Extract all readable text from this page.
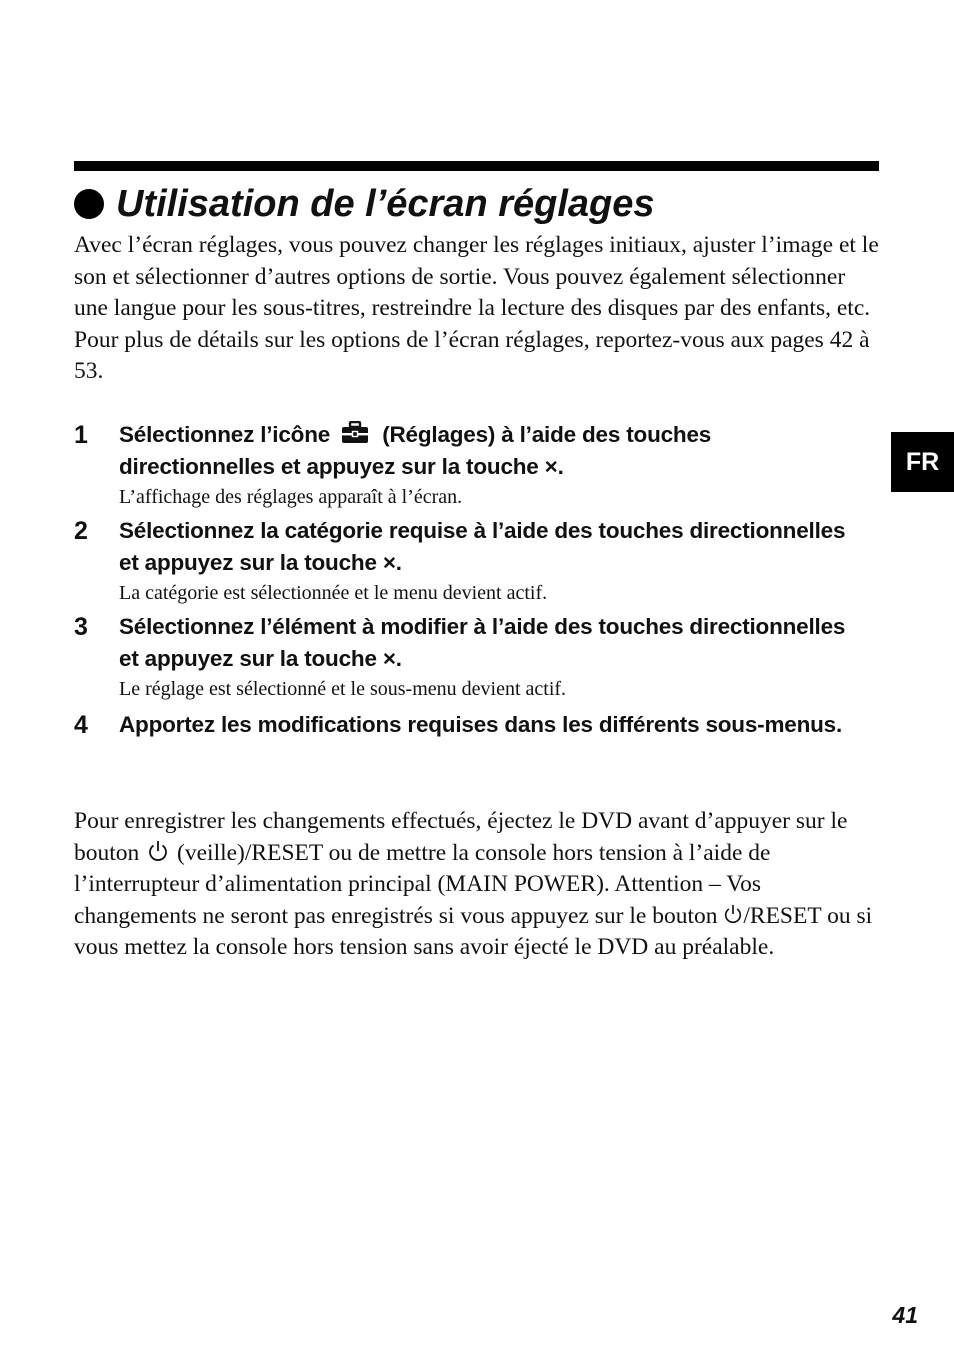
Utilisation de l’écran réglages
Avec l’écran réglages, vous pouvez changer les réglages initiaux, ajuster l’image et le son et sélectionner d’autres options de sortie. Vous pouvez également sélectionner une langue pour les sous-titres, restreindre la lecture des disques par des enfants, etc. Pour plus de détails sur les options de l’écran réglages, reportez-vous aux pages 42 à 53.
1 Sélectionnez l’icône (Réglages) à l’aide des touches directionnelles et appuyez sur la touche ×.
L’affichage des réglages apparaît à l’écran.
2 Sélectionnez la catégorie requise à l’aide des touches directionnelles et appuyez sur la touche ×.
La catégorie est sélectionnée et le menu devient actif.
3 Sélectionnez l’élément à modifier à l’aide des touches directionnelles et appuyez sur la touche ×.
Le réglage est sélectionné et le sous-menu devient actif.
4 Apportez les modifications requises dans les différents sous-menus.
Pour enregistrer les changements effectués, éjectez le DVD avant d’appuyer sur le bouton (veille)/RESET ou de mettre la console hors tension à l’aide de l’interrupteur d’alimentation principal (MAIN POWER). Attention – Vos changements ne seront pas enregistrés si vous appuyez sur le bouton /RESET ou si vous mettez la console hors tension sans avoir éjecté le DVD au préalable.
FR
41
